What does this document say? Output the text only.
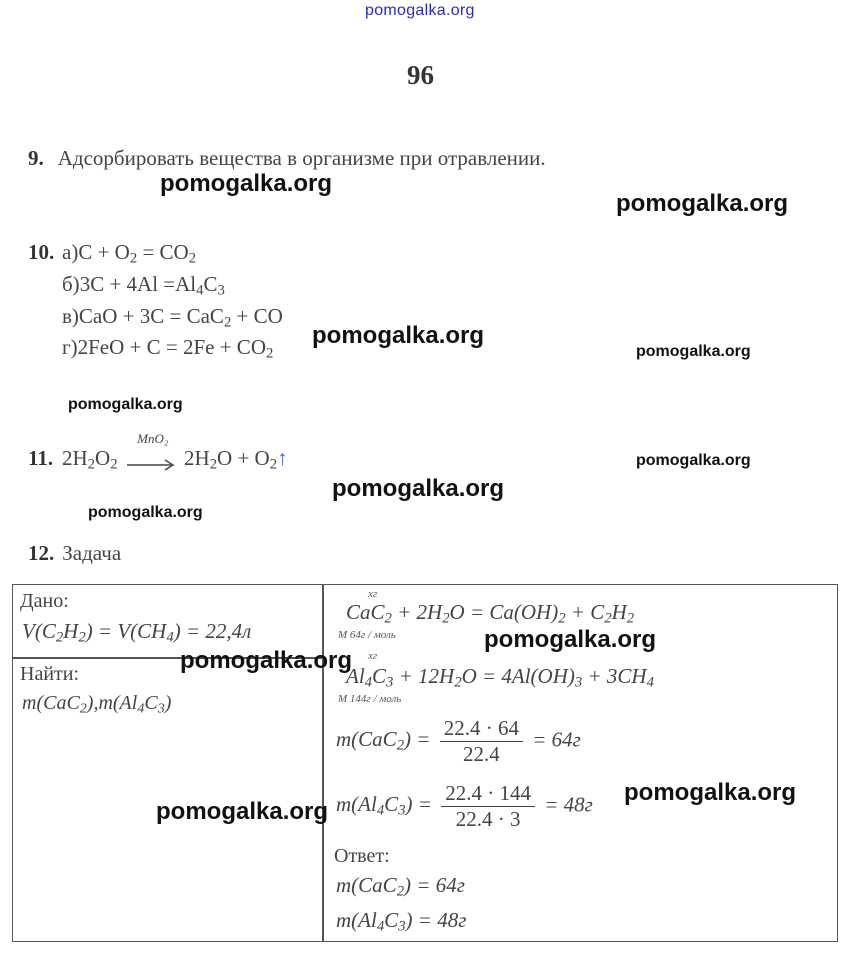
pomogalka.org
96
9. Адсорбировать вещества в организме при отравлении.
10. $а)C + O_2 = CO_2$
$б)3C + 4Al =Al_4C_3$
в)CaO + 3C = CaC$_2$ + CO
$г)2FeO + C = 2Fe + CO_2$
11. $2H_2O_2$
MnO₂
$2H_2O$ + $O_2↑$
12. Задача
Дано:
$V(C_2H_2) = V(CH_4) = 22,4л$
Найти:
$m(CaC_2),m(Al_4C_3)$
xг
$CaC_2 + 2H_2O = Ca(OH)_2 + C_2H_2$
M 64г / моль
xг
$Al_4C_3 + 12H_2O = 4Al(OH)_3 + 3CH_4$
M 144г / моль
$m(CaC_2) = \frac{22.4 \cdot 64}{22.4} = 64г$
$m(Al_4C_3) = \frac{22.4 \cdot 144}{22.4 \cdot 3} = 48г$
Ответ:
m(CaC$_2$) = 64г
$m(Al_4C_3) = 48г$
pomogalka.org
pomogalka.org
pomogalka.org
pomogalka.org
pomogalka.org
pomogalka.org
pomogalka.org
pomogalka.org
pomogalka.org
pomogalka.org
pomogalka.org
pomogalka.org
